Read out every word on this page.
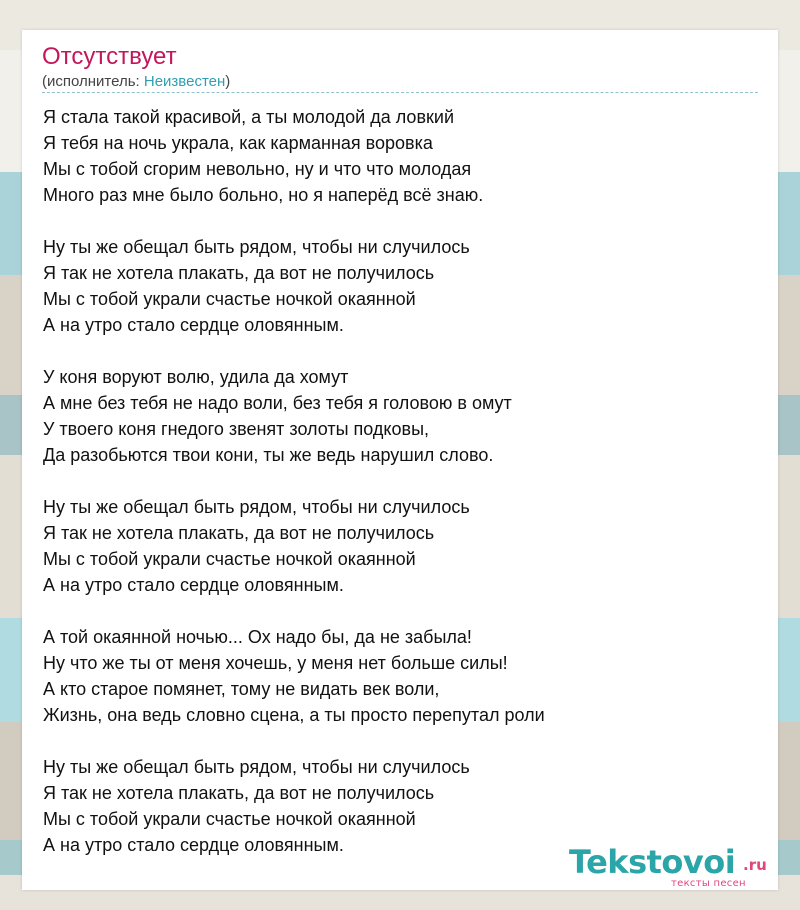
Отсутствует
(исполнитель: Неизвестен)
Я стала такой красивой, а ты молодой да ловкий
Я тебя на ночь украла, как карманная воровка
Мы с тобой сгорим невольно, ну и что что молодая
Много раз мне было больно, но я наперёд всё знаю.
Ну ты же обещал быть рядом, чтобы ни случилось
Я так не хотела плакать, да вот не получилось
Мы с тобой украли счастье ночкой окаянной
А на утро стало сердце оловянным.
У коня воруют волю, удила да хомут
А мне без тебя не надо воли, без тебя я головою в омут
У твоего коня гнедого звенят золоты подковы,
Да разобьются твои кони, ты же ведь нарушил слово.
Ну ты же обещал быть рядом, чтобы ни случилось
Я так не хотела плакать, да вот не получилось
Мы с тобой украли счастье ночкой окаянной
А на утро стало сердце оловянным.
А той окаянной ночью... Ох надо бы, да не забыла!
Ну что же ты от меня хочешь, у меня нет больше силы!
А кто старое помянет, тому не видать век воли,
Жизнь, она ведь словно сцена, а ты просто перепутал роли
Ну ты же обещал быть рядом, чтобы ни случилось
Я так не хотела плакать, да вот не получилось
Мы с тобой украли счастье ночкой окаянной
А на утро стало сердце оловянным.	Tekstovoi .ru
тексты песен
